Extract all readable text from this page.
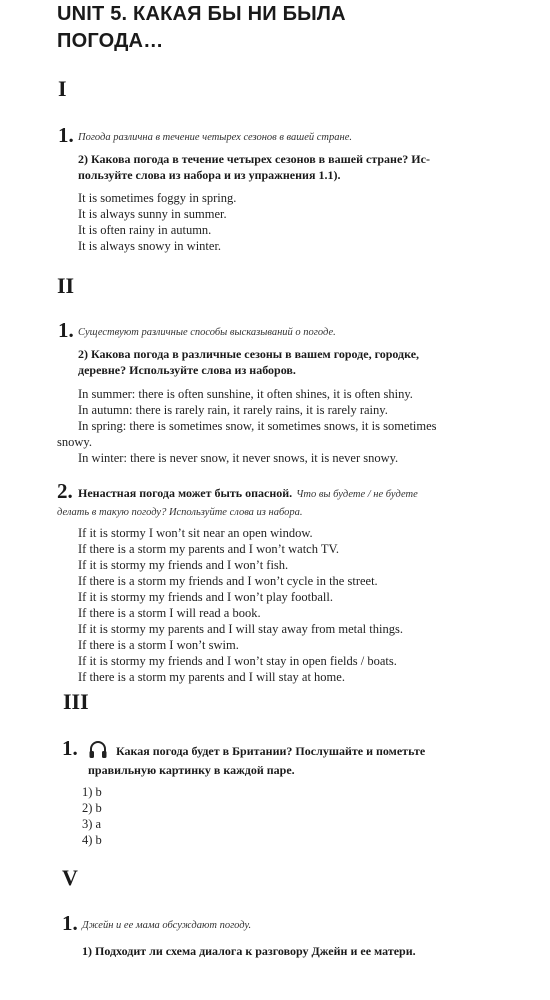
UNIT 5. КАКАЯ БЫ НИ БЫЛА
ПОГОДА…
I
1. Погода различна в течение четырех сезонов в вашей стране.
2) Какова погода в течение четырех сезонов в вашей стране? Ис-
пользуйте слова из набора и из упражнения 1.1).
It is sometimes foggy in spring.
It is always sunny in summer.
It is often rainy in autumn.
It is always snowy in winter.
II
1. Существуют различные способы высказываний о погоде.
2) Какова погода в различные сезоны в вашем городе, городке,
деревне? Используйте слова из наборов.
In summer: there is often sunshine, it often shines, it is often shiny.
In autumn: there is rarely rain, it rarely rains, it is rarely rainy.
In spring: there is sometimes snow, it sometimes snows, it is sometimes
snowy.
In winter: there is never snow, it never snows, it is never snowy.
2. Ненастная погода может быть опасной. Что вы будете / не будете
делать в такую погоду? Используйте слова из набора.
If it is stormy I won’t sit near an open window.
If there is a storm my parents and I won’t watch TV.
If it is stormy my friends and I won’t fish.
If there is a storm my friends and I won’t cycle in the street.
If it is stormy my friends and I won’t play football.
If there is a storm I will read a book.
If it is stormy my parents and I will stay away from metal things.
If there is a storm I won’t swim.
If it is stormy my friends and I won’t stay in open fields / boats.
If there is a storm my parents and I will stay at home.
III
1.	Какая погода будет в Британии? Послушайте и пометьте
правильную картинку в каждой паре.
1) b
2) b
3) a
4) b
V
1. Джейн и ее мама обсуждают погоду.
1) Подходит ли схема диалога к разговору Джейн и ее матери.
